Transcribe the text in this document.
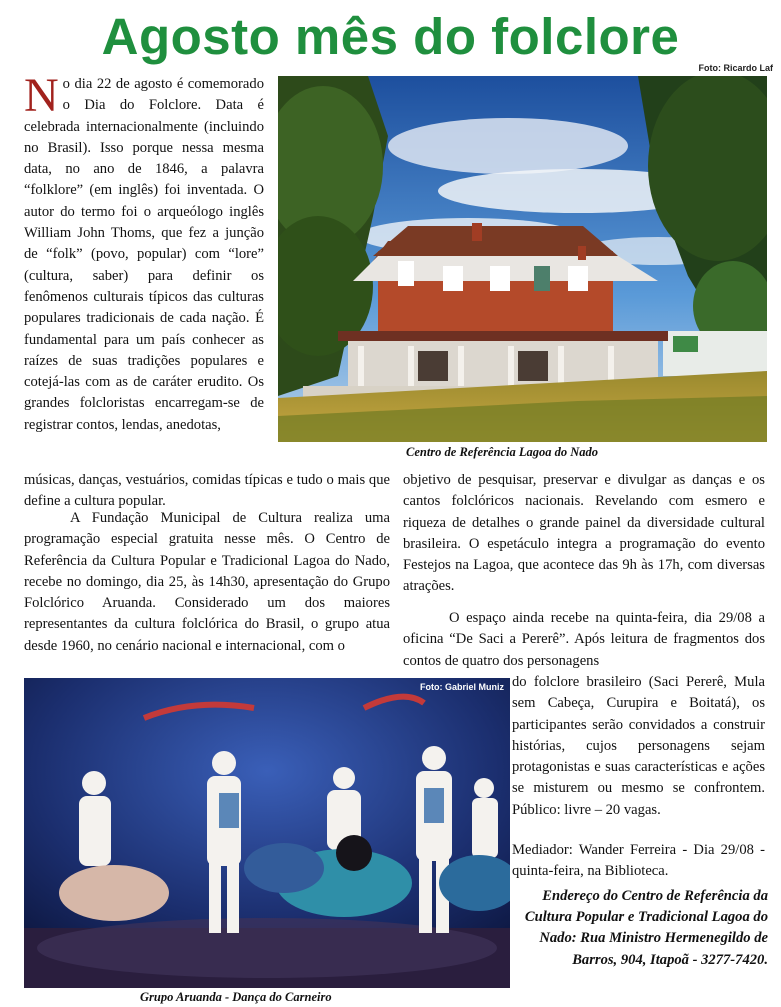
Agosto mês do folclore
Foto: Ricardo Laf
No dia 22 de agosto é comemorado o Dia do Folclore. Data é celebrada internacionalmente (incluindo no Brasil). Isso porque nessa mesma data, no ano de 1846, a palavra “folklore” (em inglês) foi inventada. O autor do termo foi o arqueólogo inglês William John Thoms, que fez a junção de “folk” (povo, popular) com “lore” (cultura, saber) para definir os fenômenos culturais típicos das culturas populares tradicionais de cada nação. É fundamental para um país conhecer as raízes de suas tradições populares e cotejá-las com as de caráter erudito. Os grandes folcloristas encarregam-se de registrar contos, lendas, anedotas,
Centro de Referência Lagoa do Nado
músicas, danças, vestuários, comidas típicas e tudo o mais que define a cultura popular.
A Fundação Municipal de Cultura realiza uma programação especial gratuita nesse mês. O Centro de Referência da Cultura Popular e Tradicional Lagoa do Nado, recebe no domingo, dia 25, às 14h30, apresentação do Grupo Folclórico Aruanda. Considerado um dos maiores representantes da cultura folclórica do Brasil, o grupo atua desde 1960, no cenário nacional e internacional, com o
objetivo de pesquisar, preservar e divulgar as danças e os cantos folclóricos nacionais. Revelando com esmero e riqueza de detalhes o grande painel da diversidade cultural brasileira. O espetáculo integra a programação do evento Festejos na Lagoa, que acontece das 9h às 17h, com diversas atrações.
O espaço ainda recebe na quinta-feira, dia 29/08 a oficina “De Saci a Pererê”. Após leitura de fragmentos dos contos de quatro dos personagens
do folclore brasileiro (Saci Pererê, Mula sem Cabeça, Curupira e Boitatá), os participantes serão convidados a construir histórias, cujos personagens sejam protagonistas e suas características e ações se misturem ou mesmo se confrontem. Público: livre – 20 vagas.
Mediador: Wander Ferreira - Dia 29/08 - quinta-feira, na Biblioteca.
Foto: Gabriel Muniz
Grupo Aruanda - Dança do Carneiro
Endereço do Centro de Referência da Cultura Popular e Tradicional Lagoa do Nado: Rua Ministro Hermenegildo de Barros, 904, Itapoã - 3277-7420.
